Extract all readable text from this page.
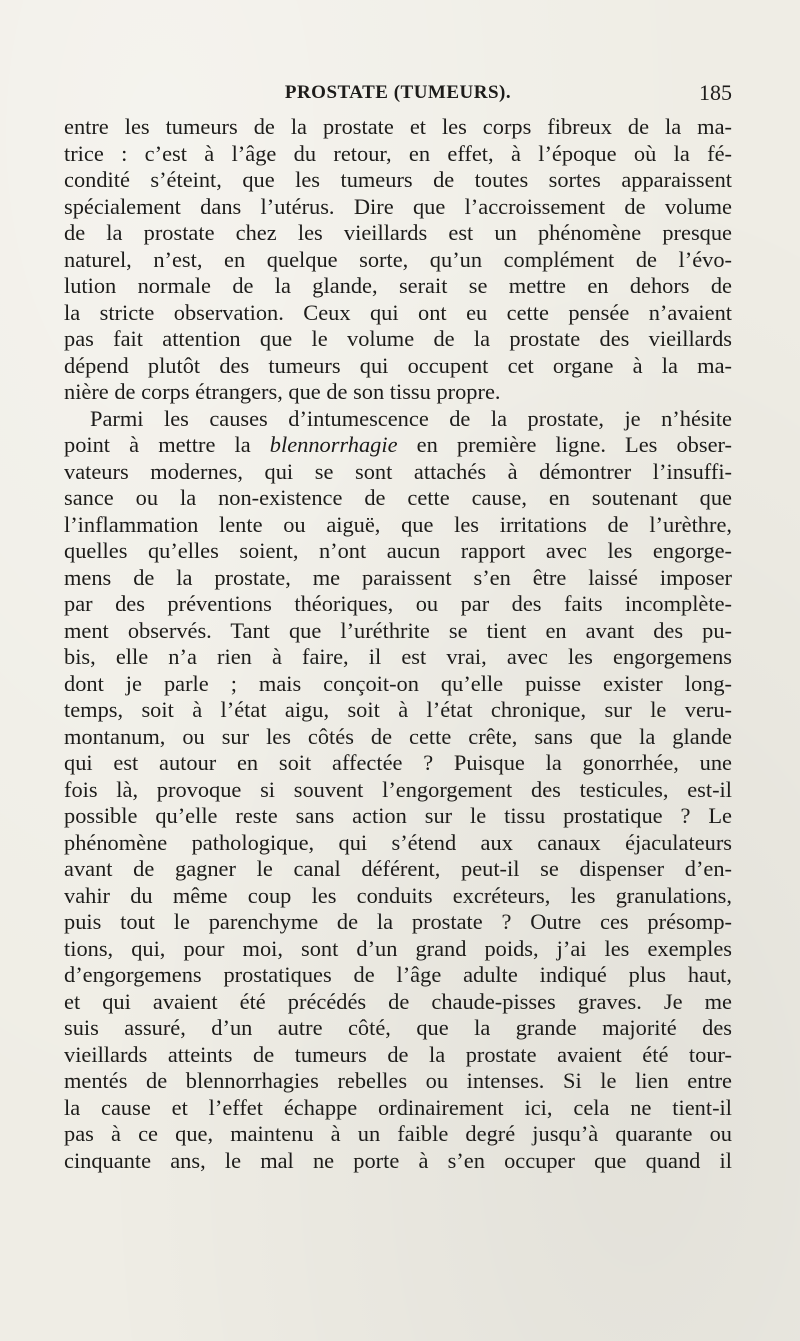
PROSTATE (TUMEURS).	185
entre les tumeurs de la prostate et les corps fibreux de la ma-
trice : c’est à l’âge du retour, en effet, à l’époque où la fé-
condité s’éteint, que les tumeurs de toutes sortes apparaissent
spécialement dans l’utérus. Dire que l’accroissement de volume
de la prostate chez les vieillards est un phénomène presque
naturel, n’est, en quelque sorte, qu’un complément de l’évo-
lution normale de la glande, serait se mettre en dehors de
la stricte observation. Ceux qui ont eu cette pensée n’avaient
pas fait attention que le volume de la prostate des vieillards
dépend plutôt des tumeurs qui occupent cet organe à la ma-
nière de corps étrangers, que de son tissu propre.
Parmi les causes d’intumescence de la prostate, je n’hésite
point à mettre la blennorrhagie en première ligne. Les obser-
vateurs modernes, qui se sont attachés à démontrer l’insuffi-
sance ou la non-existence de cette cause, en soutenant que
l’inflammation lente ou aiguë, que les irritations de l’urèthre,
quelles qu’elles soient, n’ont aucun rapport avec les engorge-
mens de la prostate, me paraissent s’en être laissé imposer
par des préventions théoriques, ou par des faits incomplète-
ment observés. Tant que l’uréthrite se tient en avant des pu-
bis, elle n’a rien à faire, il est vrai, avec les engorgemens
dont je parle ; mais conçoit-on qu’elle puisse exister long-
temps, soit à l’état aigu, soit à l’état chronique, sur le veru-
montanum, ou sur les côtés de cette crête, sans que la glande
qui est autour en soit affectée ? Puisque la gonorrhée, une
fois là, provoque si souvent l’engorgement des testicules, est-il
possible qu’elle reste sans action sur le tissu prostatique ? Le
phénomène pathologique, qui s’étend aux canaux éjaculateurs
avant de gagner le canal déférent, peut-il se dispenser d’en-
vahir du même coup les conduits excréteurs, les granulations,
puis tout le parenchyme de la prostate ? Outre ces présomp-
tions, qui, pour moi, sont d’un grand poids, j’ai les exemples
d’engorgemens prostatiques de l’âge adulte indiqué plus haut,
et qui avaient été précédés de chaude-pisses graves. Je me
suis assuré, d’un autre côté, que la grande majorité des
vieillards atteints de tumeurs de la prostate avaient été tour-
mentés de blennorrhagies rebelles ou intenses. Si le lien entre
la cause et l’effet échappe ordinairement ici, cela ne tient-il
pas à ce que, maintenu à un faible degré jusqu’à quarante ou
cinquante ans, le mal ne porte à s’en occuper que quand il
